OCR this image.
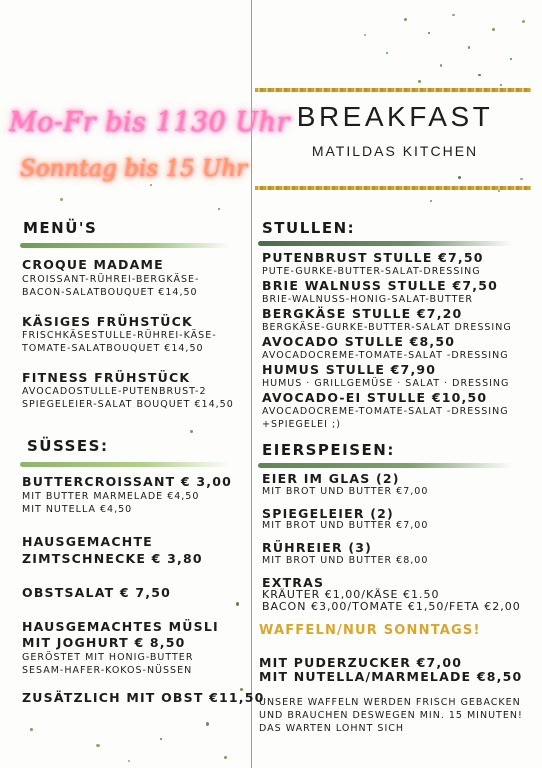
BREAKFAST
MATILDAS KITCHEN
Mo-Fr bis 1130 Uhr
Sonntag bis 15 Uhr
MENÜ'S
CROQUE MADAME
CROISSANT-RÜHREI-BERGKÄSE-
BACON-SALATBOUQUET €14,50
KÄSIGES FRÜHSTÜCK
FRISCHKÄSESTULLE-RÜHREI-KÄSE-
TOMATE-SALATBOUQUET €14,50
FITNESS FRÜHSTÜCK
AVOCADOSTULLE-PUTENBRUST-2
SPIEGELEIER-SALAT BOUQUET €14,50
SÜSSES:
BUTTERCROISSANT € 3,00
MIT BUTTER MARMELADE €4,50
MIT NUTELLA €4,50
HAUSGEMACHTE
ZIMTSCHNECKE € 3,80
OBSTSALAT € 7,50
HAUSGEMACHTES MÜSLI
MIT JOGHURT € 8,50
GERÖSTET MIT HONIG-BUTTER
SESAM-HAFER-KOKOS-NÜSSEN
ZUSÄTZLICH MIT OBST €11,50
STULLEN:
PUTENBRUST STULLE €7,50
PUTE-GURKE-BUTTER-SALAT-DRESSING
BRIE WALNUSS STULLE €7,50
BRIE-WALNUSS-HONIG-SALAT-BUTTER
BERGKÄSE STULLE €7,20
BERGKÄSE-GURKE-BUTTER-SALAT DRESSING
AVOCADO STULLE €8,50
AVOCADOCREME-TOMATE-SALAT -DRESSING
HUMUS STULLE €7,90
HUMUS · GRILLGEMÜSE · SALAT · DRESSING
AVOCADO-EI STULLE €10,50
AVOCADOCREME-TOMATE-SALAT -DRESSING
+SPIEGELEI ;)
EIERSPEISEN:
EIER IM GLAS (2)
MIT BROT UND BUTTER €7,00
SPIEGELEIER (2)
MIT BROT UND BUTTER €7,00
RÜHREIER (3)
MIT BROT UND BUTTER €8,00
EXTRAS
KRÄUTER €1,00/KÄSE €1.50
BACON €3,00/TOMATE €1,50/FETA €2,00
WAFFELN/NUR SONNTAGS!
MIT PUDERZUCKER €7,00
MIT NUTELLA/MARMELADE €8,50
UNSERE WAFFELN WERDEN FRISCH GEBACKEN
UND BRAUCHEN DESWEGEN MIN. 15 MINUTEN!
DAS WARTEN LOHNT SICH
